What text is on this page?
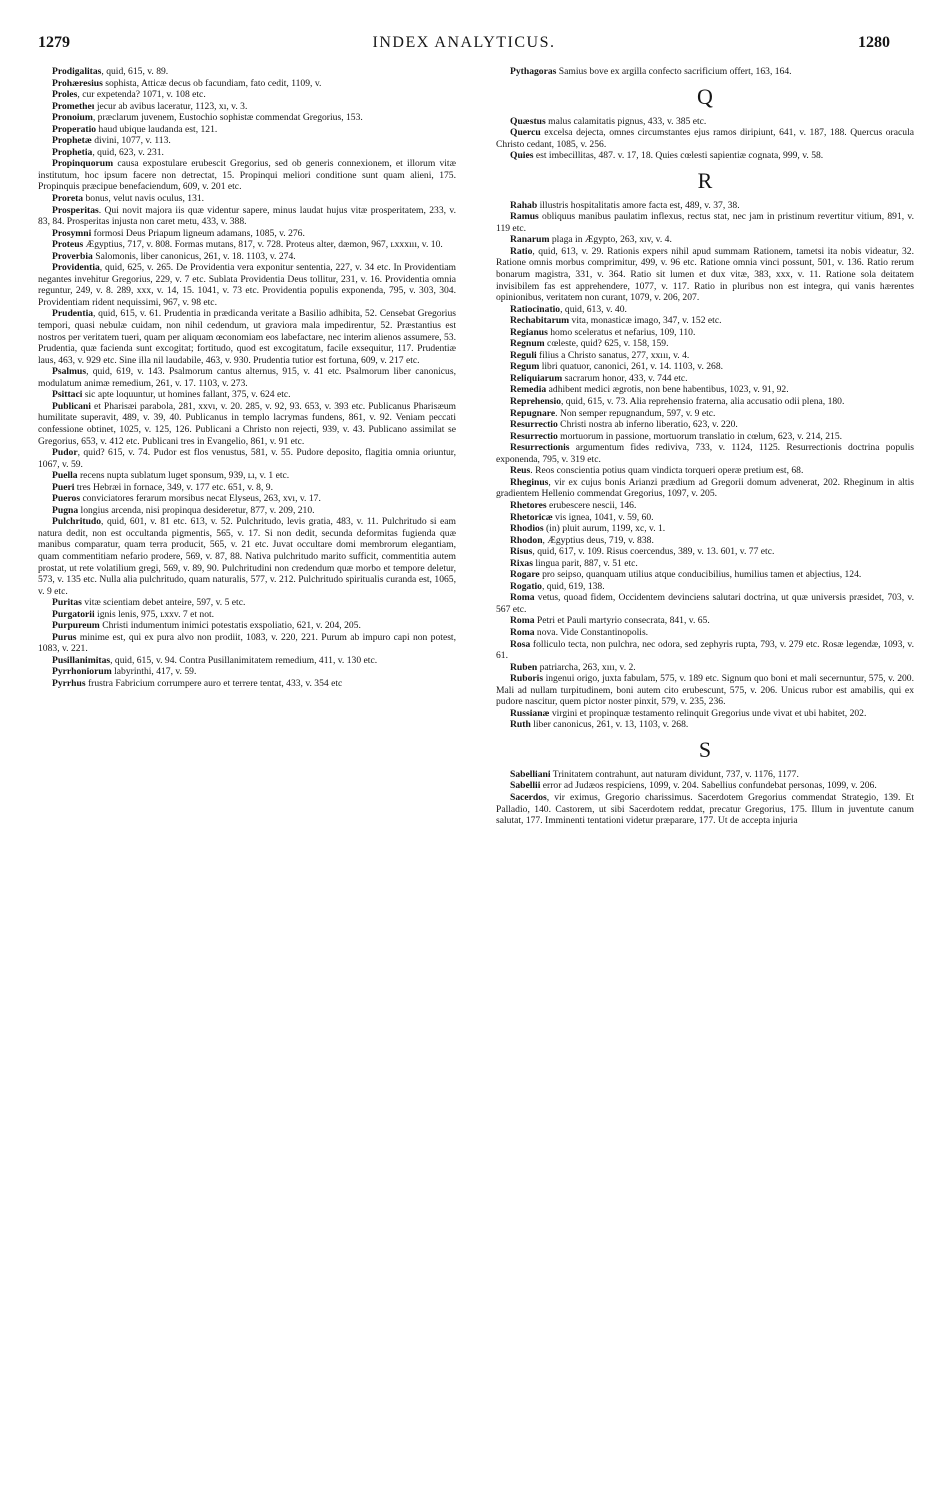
1279	INDEX ANALYTICUS.	1280

Prodigalitas, quid, 615, v. 89.

Prohæresius sophista, Atticæ decus ob facundiam, fato cedit, 1109, v.

Proles, cur expetenda? 1071, v. 108 etc.

Prometheı jecur ab avibus laceratur, 1123, xı, v. 3.

Pronoium, præclarum juvenem, Eustochio sophistæ commendat Gregorius, 153.

Properatio haud ubique laudanda est, 121.

Prophetæ divini, 1077, v. 113.

Prophetia, quid, 623, v. 231.

Propinquorum causa expostulare erubescit Gregorius, sed ob generis connexionem, et illorum vitæ institutum, hoc ipsum facere non detrectat, 15. Propinqui meliori conditione sunt quam alieni, 175. Propinquis præcipue benefaciendum, 609, v. 201 etc.

Proreta bonus, velut navis oculus, 131.

Prosperitas. Qui novit majora iis quæ videntur sapere, minus laudat hujus vitæ prosperitatem, 233, v. 83, 84. Prosperitas injusta non caret metu, 433, v. 388.

Prosymni formosi Deus Priapum ligneum adamans, 1085, v. 276.

Proteus Ægyptius, 717, v. 808. Formas mutans, 817, v. 728. Proteus alter, dæmon, 967, ʟxxxııı, v. 10.

Proverbia Salomonis, liber canonicus, 261, v. 18. 1103, v. 274.

Providentia, quid, 625, v. 265. De Providentia vera exponitur sententia, 227, v. 34 etc. In Providentiam negantes invehitur Gregorius, 229, v. 7 etc. Sublata Providentia Deus tollitur, 231, v. 16. Providentia omnia reguntur, 249, v. 8. 289, xxx, v. 14, 15. 1041, v. 73 etc. Providentia populis exponenda, 795, v. 303, 304. Providentiam rident nequissimi, 967, v. 98 etc.

Prudentia, quid, 615, v. 61. Prudentia in prædicanda veritate a Basilio adhibita, 52. Censebat Gregorius tempori, quasi nebulæ cuidam, non nihil cedendum, ut graviora mala impedirentur, 52. Præstantius est nostros per veritatem tueri, quam per aliquam œconomiam eos labefactare, nec interim alienos assumere, 53. Prudentia, quæ facienda sunt excogitat; fortitudo, quod est excogitatum, facile exsequitur, 117. Prudentiæ laus, 463, v. 929 etc. Sine illa nil laudabile, 463, v. 930. Prudentia tutior est fortuna, 609, v. 217 etc.

Psalmus, quid, 619, v. 143. Psalmorum cantus alternus, 915, v. 41 etc. Psalmorum liber canonicus, modulatum animæ remedium, 261, v. 17. 1103, v. 273.

Psittaci sic apte loquuntur, ut homines fallant, 375, v. 624 etc.

Publicani et Pharisæi parabola, 281, xxvı, v. 20. 285, v. 92, 93. 653, v. 393 etc. Publicanus Pharisæum humilitate superavit, 489, v. 39, 40. Publicanus in templo lacrymas fundens, 861, v. 92. Veniam peccati confessione obtinet, 1025, v. 125, 126. Publicani a Christo non rejecti, 939, v. 43. Publicano assimilat se Gregorius, 653, v. 412 etc. Publicani tres in Evangelio, 861, v. 91 etc.

Pudor, quid? 615, v. 74. Pudor est flos venustus, 581, v. 55. Pudore deposito, flagitia omnia oriuntur, 1067, v. 59.

Puella recens nupta sublatum luget sponsum, 939, ʟı, v. 1 etc.

Pueri tres Hebræi in fornace, 349, v. 177 etc. 651, v. 8, 9.

Pueros conviciatores ferarum morsibus necat Elyseus, 263, xvı, v. 17.

Pugna longius arcenda, nisi propinqua desideretur, 877, v. 209, 210.

Pulchritudo, quid, 601, v. 81 etc. 613, v. 52. Pulchritudo, levis gratia, 483, v. 11. Pulchritudo si eam natura dedit, non est occultanda pigmentis, 565, v. 17. Si non dedit, secunda deformitas fugienda quæ manibus comparatur, quam terra producit, 565, v. 21 etc. Juvat occultare domi membrorum elegantiam, quam commentitiam nefario prodere, 569, v. 87, 88. Nativa pulchritudo marito sufficit, commentitia autem prostat, ut rete volatilium gregi, 569, v. 89, 90. Pulchritudini non credendum quæ morbo et tempore deletur, 573, v. 135 etc. Nulla alia pulchritudo, quam naturalis, 577, v. 212. Pulchritudo spiritualis curanda est, 1065, v. 9 etc.

Puritas vitæ scientiam debet anteire, 597, v. 5 etc.

Purgatorii ignis lenis, 975, ʟxxv. 7 et not.

Purpureum Christi indumentum inimici potestatis exspoliatio, 621, v. 204, 205.

Purus minime est, qui ex pura alvo non prodiit, 1083, v. 220, 221. Purum ab impuro capi non potest, 1083, v. 221.

Pusillanimitas, quid, 615, v. 94. Contra Pusillanimitatem remedium, 411, v. 130 etc.

Pyrrhoniorum labyrinthi, 417, v. 59.

Pyrrhus frustra Fabricium corrumpere auro et terrere tentat, 433, v. 354 etc

Pythagoras Samius bove ex argilla confecto sacrificium offert, 163, 164.

Q

Quæstus malus calamitatis pignus, 433, v. 385 etc.

Quercu excelsa dejecta, omnes circumstantes ejus ramos diripiunt, 641, v. 187, 188. Quercus oracula Christo cedant, 1085, v. 256.

Quies est imbecillitas, 487. v. 17, 18. Quies cœlesti sapientiæ cognata, 999, v. 58.

R

Rahab illustris hospitalitatis amore facta est, 489, v. 37, 38.

Ramus obliquus manibus paulatim inflexus, rectus stat, nec jam in pristinum revertitur vitium, 891, v. 119 etc.

Ranarum plaga in Ægypto, 263, xıv, v. 4.

Ratio, quid, 613, v. 29. Rationis expers nihil apud summam Rationem, tametsi ita nobis videatur, 32. Ratione omnis morbus comprimitur, 499, v. 96 etc. Ratione omnia vinci possunt, 501, v. 136. Ratio rerum bonarum magistra, 331, v. 364. Ratio sit lumen et dux vitæ, 383, xxx, v. 11. Ratione sola deitatem invisibilem fas est apprehendere, 1077, v. 117. Ratio in pluribus non est integra, qui vanis hærentes opinionibus, veritatem non curant, 1079, v. 206, 207.

Ratiocinatio, quid, 613, v. 40.

Rechabitarum vita, monasticæ imago, 347, v. 152 etc.

Regianus homo sceleratus et nefarius, 109, 110.

Regnum cœleste, quid? 625, v. 158, 159.

Reguli filius a Christo sanatus, 277, xxııı, v. 4.

Regum libri quatuor, canonici, 261, v. 14. 1103, v. 268.

Reliquiarum sacrarum honor, 433, v. 744 etc.

Remedia adhibent medici ægrotis, non bene habentibus, 1023, v. 91, 92.

Reprehensio, quid, 615, v. 73. Alia reprehensio fraterna, alia accusatio odii plena, 180.

Repugnare. Non semper repugnandum, 597, v. 9 etc.

Resurrectio Christi nostra ab inferno liberatio, 623, v. 220.

Resurrectio mortuorum in passione, mortuorum translatio in cœlum, 623, v. 214, 215.

Resurrectionis argumentum fides rediviva, 733, v. 1124, 1125. Resurrectionis doctrina populis exponenda, 795, v. 319 etc.

Reus. Reos conscientia potius quam vindicta torqueri operæ pretium est, 68.

Rheginus, vir ex cujus bonis Arianzi prædium ad Gregorii domum advenerat, 202. Rheginum in altis gradientem Hellenio commendat Gregorius, 1097, v. 205.

Rhetores erubescere nescii, 146.

Rhetoricæ vis ignea, 1041, v. 59, 60.

Rhodios (in) pluit aurum, 1199, xc, v. 1.

Rhodon, Ægyptius deus, 719, v. 838.

Risus, quid, 617, v. 109. Risus coercendus, 389, v. 13. 601, v. 77 etc.

Rixas lingua parit, 887, v. 51 etc.

Rogare pro seipso, quanquam utilius atque conducibilius, humilius tamen et abjectius, 124.

Rogatio, quid, 619, 138.

Roma vetus, quoad fidem, Occidentem devinciens salutari doctrina, ut quæ universis præsidet, 703, v. 567 etc.

Roma Petri et Pauli martyrio consecrata, 841, v. 65.

Roma nova. Vide Constantinopolis.

Rosa folliculo tecta, non pulchra, nec odora, sed zephyris rupta, 793, v. 279 etc. Rosæ legendæ, 1093, v. 61.

Ruben patriarcha, 263, xııı, v. 2.

Ruboris ingenui origo, juxta fabulam, 575, v. 189 etc. Signum quo boni et mali secernuntur, 575, v. 200. Mali ad nullam turpitudinem, boni autem cito erubescunt, 575, v. 206. Unicus rubor est amabilis, qui ex pudore nascitur, quem pictor noster pinxit, 579, v. 235, 236.

Russianæ virgini et propinquæ testamento relinquit Gregorius unde vivat et ubi habitet, 202.

Ruth liber canonicus, 261, v. 13, 1103, v. 268.

S

Sabelliani Trinitatem contrahunt, aut naturam dividunt, 737, v. 1176, 1177.

Sabellii error ad Judæos respiciens, 1099, v. 204. Sabellius confundebat personas, 1099, v. 206.

Sacerdos, vir eximus, Gregorio charissimus. Sacerdotem Gregorius commendat Strategio, 139. Et Palladio, 140. Castorem, ut sibi Sacerdotem reddat, precatur Gregorius, 175. Illum in juventute canum salutat, 177. Imminenti tentationi videtur præparare, 177. Ut de accepta injuria
